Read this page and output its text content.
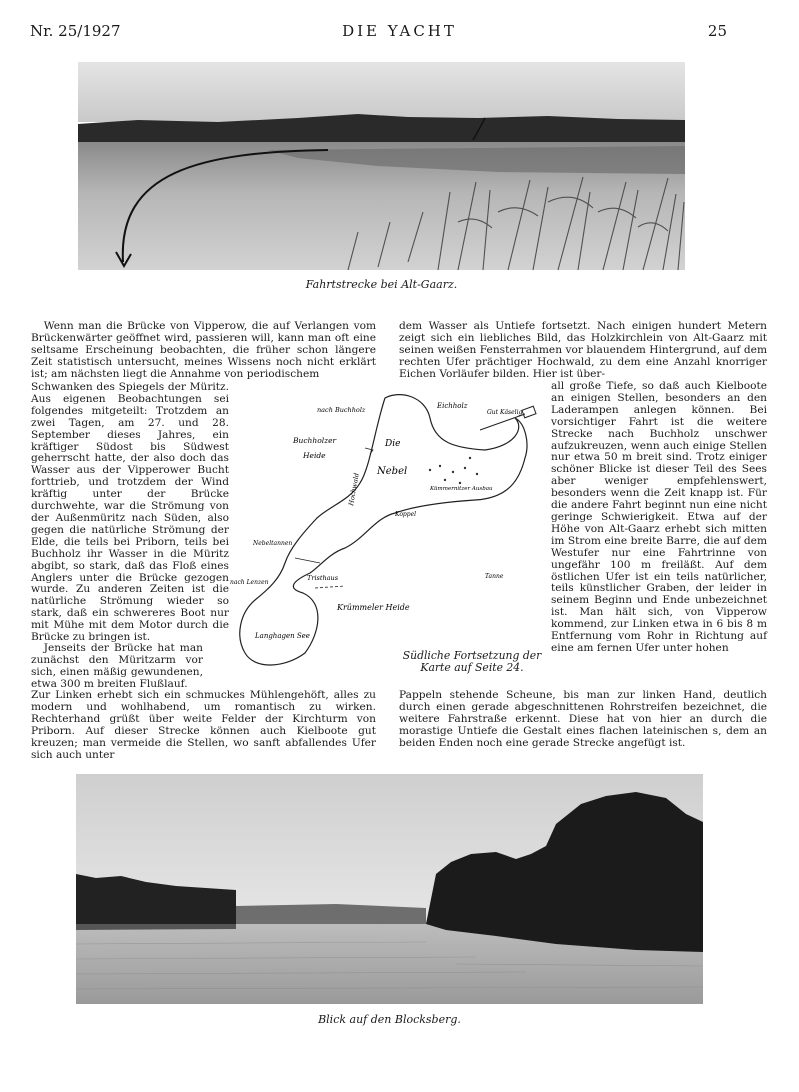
Nr. 25/1927	DIE YACHT	25
Fahrtstrecke bei Alt-Gaarz.

Wenn man die Brücke von Vipperow, die auf Verlangen vom Brückenwärter geöffnet wird, passieren will, kann man oft eine seltsame Erscheinung beobachten, die früher schon längere Zeit statistisch untersucht, meines Wissens noch nicht erklärt ist; am nächsten liegt die Annahme von periodischem

Schwanken des Spiegels der Müritz. Aus eigenen Beobachtungen sei folgendes mitgeteilt: Trotzdem an zwei Tagen, am 27. und 28. September dieses Jahres, ein kräftiger Südost bis Südwest geherrscht hatte, der also doch das Wasser aus der Vipperower Bucht forttrieb, und trotzdem der Wind kräftig unter der Brücke durchwehte, war die Strömung von der Außenmüritz nach Süden, also gegen die natürliche Strömung der Elde, die teils bei Priborn, teils bei Buchholz ihr Wasser in die Müritz abgibt, so stark, daß das Floß eines Anglers unter die Brücke gezogen wurde. Zu anderen Zeiten ist die natürliche Strömung wieder so stark, daß ein schwereres Boot nur mit Mühe mit dem Motor durch die Brücke zu bringen ist.

Jenseits der Brücke hat man zunächst den Müritzarm vor sich, einen mäßig gewundenen, etwa 300 m breiten Flußlauf.

Zur Linken erhebt sich ein schmuckes Mühlengehöft, alles zu modern und wohlhabend, um romantisch zu wirken. Rechterhand grüßt über weite Felder der Kirchturm von Priborn. Auf dieser Strecke können auch Kielboote gut kreuzen; man vermeide die Stellen, wo sanft abfallendes Ufer sich auch unter

dem Wasser als Untiefe fortsetzt. Nach einigen hundert Metern zeigt sich ein liebliches Bild, das Holzkirchlein von Alt-Gaarz mit seinen weißen Fensterrahmen vor blauendem Hintergrund, auf dem rechten Ufer prächtiger Hochwald, zu dem eine Anzahl knorriger Eichen Vorläufer bilden. Hier ist über-

all große Tiefe, so daß auch Kielboote an einigen Stellen, besonders an den Laderampen anlegen können. Bei vorsichtiger Fahrt ist die weitere Strecke nach Buchholz unschwer aufzukreuzen, wenn auch einige Stellen nur etwa 50 m breit sind. Trotz einiger schöner Blicke ist dieser Teil des Sees aber weniger empfehlenswert, besonders wenn die Zeit knapp ist. Für die andere Fahrt beginnt nun eine nicht geringe Schwierigkeit. Etwa auf der Höhe von Alt-Gaarz erhebt sich mitten im Strom eine breite Barre, die auf dem Westufer nur eine Fahrtrinne von ungefähr 100 m freiläßt. Auf dem östlichen Ufer ist ein teils natürlicher, teils künstlicher Graben, der leider in seinem Beginn und Ende unbezeichnet ist. Man hält sich, von Vipperow kommend, zur Linken etwa in 6 bis 8 m Entfernung vom Rohr in Richtung auf eine am fernen Ufer unter hohen

Pappeln stehende Scheune, bis man zur linken Hand, deutlich durch einen gerade abgeschnittenen Rohrstreifen bezeichnet, die weitere Fahrstraße erkennt. Diese hat von hier an durch die morastige Untiefe die Gestalt eines flachen lateinischen s, dem an beiden Enden noch eine gerade Strecke angefügt ist.

nach Buchholz	Eichholz
Gut Käselig
Buchholzer
Heide
Die
Nebel
Kümmernitzer Ausbau
Hochwald
Koppel
Nebeltannen
nach Lenzen
Tristhaus
Krümmeler Heide
Langhagen See
Tanne
Südliche Fortsetzung der Karte auf Seite 24.
Blick auf den Blocksberg.
